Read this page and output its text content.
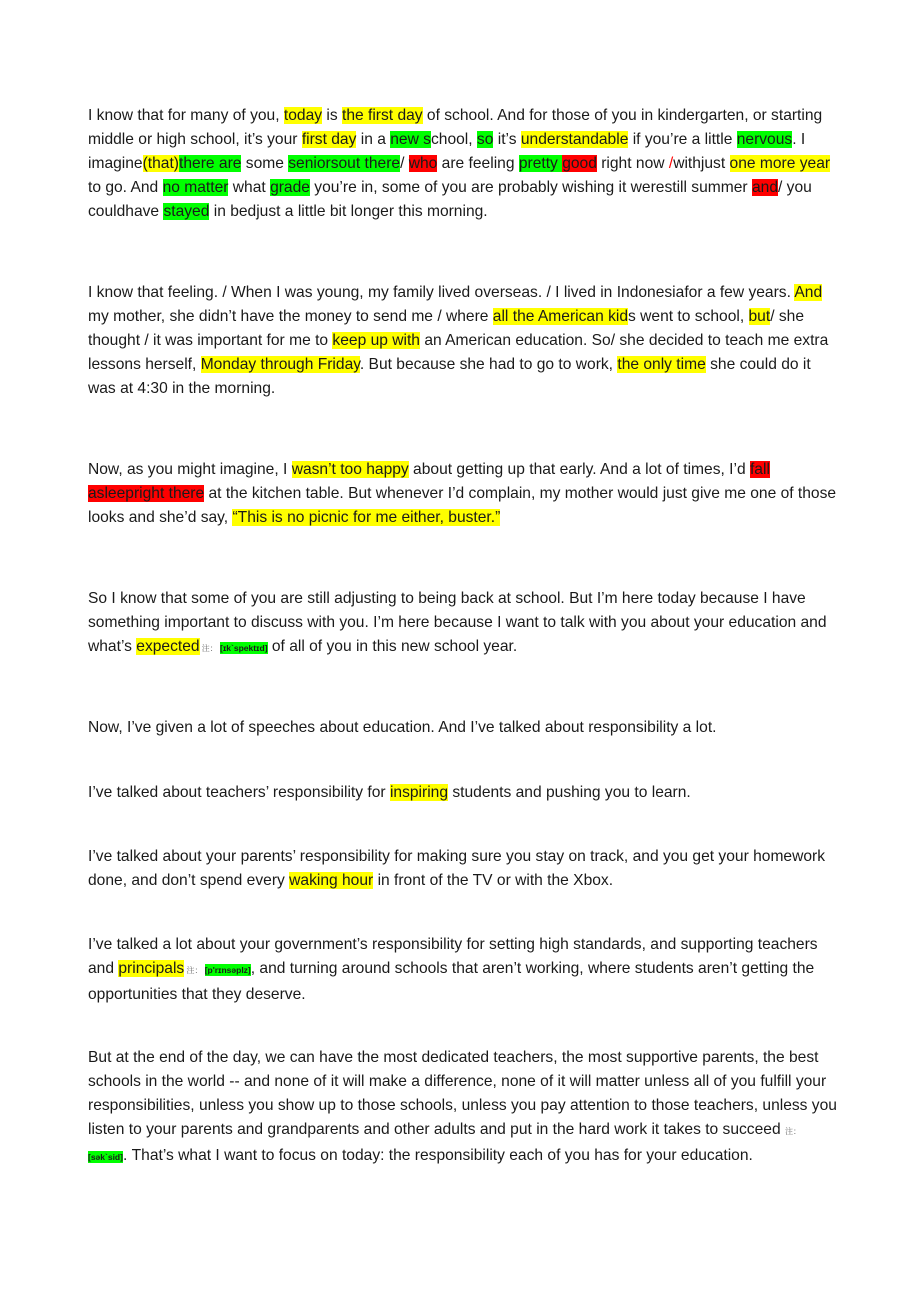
I know that for many of you, today is the first day of school. And for those of you in kindergarten, or starting middle or high school, it’s your first day in a new school, so it’s understandable if you’re a little nervous. I imagine(that)there are some seniorsout there/ who are feeling pretty good right now /withjust one more year to go. And no matter what grade you’re in, some of you are probably wishing it werestill summer and/ you couldhave stayed in bedjust a little bit longer this morning.

I know that feeling. / When I was young, my family lived overseas. / I lived in Indonesiafor a few years. And my mother, she didn’t have the money to send me / where all the American kids went to school, but/ she thought / it was important for me to keep up with an American education. So/ she decided to teach me extra lessons herself, Monday through Friday. But because she had to go to work, the only time she could do it was at 4:30 in the morning.

Now, as you might imagine, I wasn’t too happy about getting up that early. And a lot of times, I’d fall asleepright there at the kitchen table. But whenever I’d complain, my mother would just give me one of those looks and she’d say, “This is no picnic for me either, buster.”

So I know that some of you are still adjusting to being back at school. But I’m here today because I have something important to discuss with you. I’m here because I want to talk with you about your education and what’s expected 注： [ɪk`spektɪd] of all of you in this new school year.

Now, I’ve given a lot of speeches about education. And I’ve talked about responsibility a lot.

I’ve talked about teachers’ responsibility for inspiring students and pushing you to learn.

I’ve talked about your parents’ responsibility for making sure you stay on track, and you get your homework done, and don’t spend every waking hour in front of the TV or with the Xbox.

I’ve talked a lot about your government’s responsibility for setting high standards, and supporting teachers and principals 注： [p'rɪnsəplz], and turning around schools that aren’t working, where students aren’t getting the opportunities that they deserve.

But at the end of the day, we can have the most dedicated teachers, the most supportive parents, the best schools in the world -- and none of it will make a difference, none of it will matter unless all of you fulfill your responsibilities, unless you show up to those schools, unless you pay attention to those teachers, unless you listen to your parents and grandparents and other adults and put in the hard work it takes to succeed 注： [sək`sid]. That’s what I want to focus on today: the responsibility each of you has for your education.
